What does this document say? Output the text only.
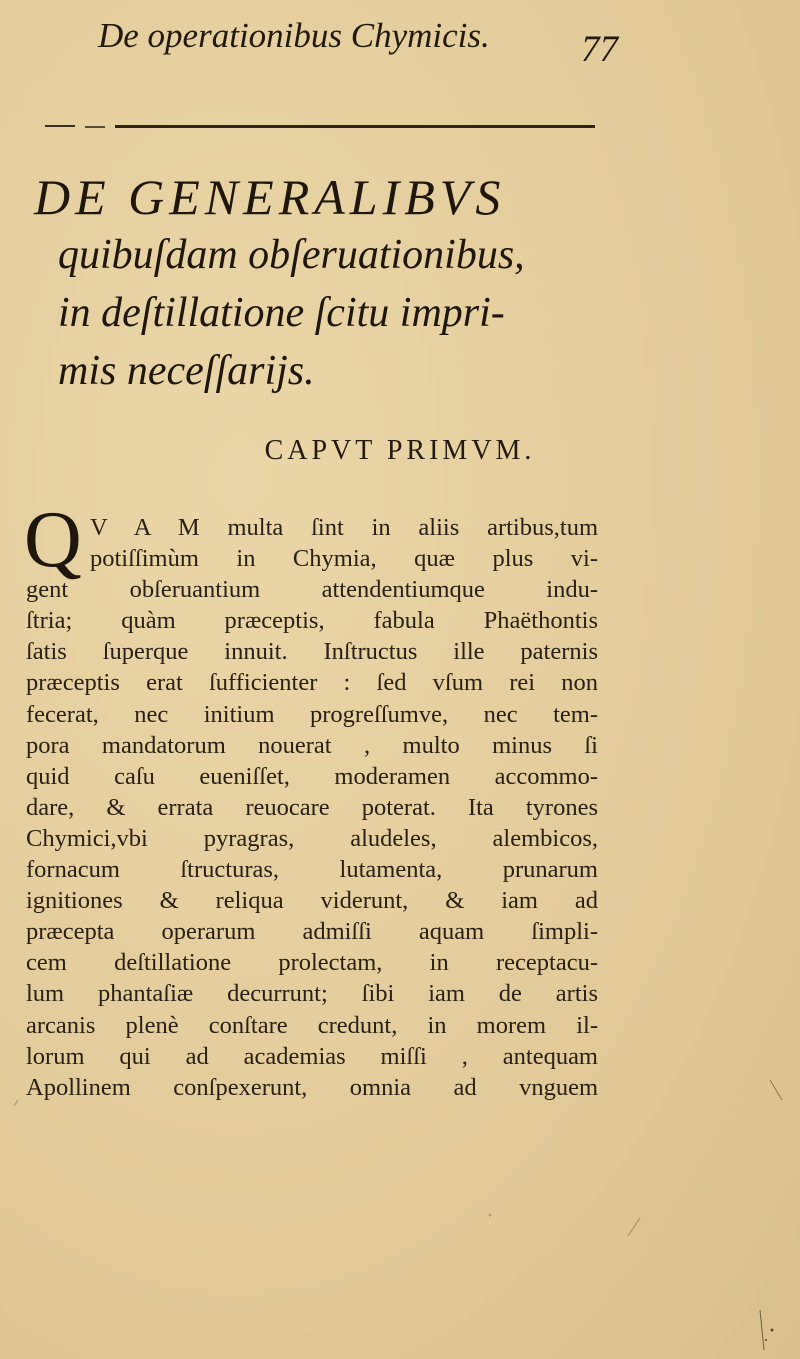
De operationibus Chymicis. 77
DE GENERALIBVS
quibuſdam obſeruationibus,
in deſtillatione ſcitu impri-
mis neceſſarijs.
CAPVT PRIMVM.
Q V A M multa ſint in aliis artibus,tum
potiſſimùm in Chymia, quæ plus vi-
gent obſeruantium attendentiumque indu-
ſtria; quàm præceptis, fabula Phaëthontis
ſatis ſuperque innuit. Inſtructus ille paternis
præceptis erat ſufficienter : ſed vſum rei non
fecerat, nec initium progreſſumve, nec tem-
pora mandatorum nouerat , multo minus ſi
quid caſu eueniſſet, moderamen accommo-
dare, & errata reuocare poterat. Ita tyrones
Chymici,vbi pyragras, aludeles, alembicos,
fornacum ſtructuras, lutamenta, prunarum
ignitiones & reliqua viderunt, & iam ad
præcepta operarum admiſſi aquam ſimpli-
cem deſtillatione prolectam, in receptacu-
lum phantaſiæ decurrunt; ſibi iam de artis
arcanis plenè conſtare credunt, in morem il-
lorum qui ad academias miſſi , antequam
Apollinem conſpexerunt, omnia ad vnguem
